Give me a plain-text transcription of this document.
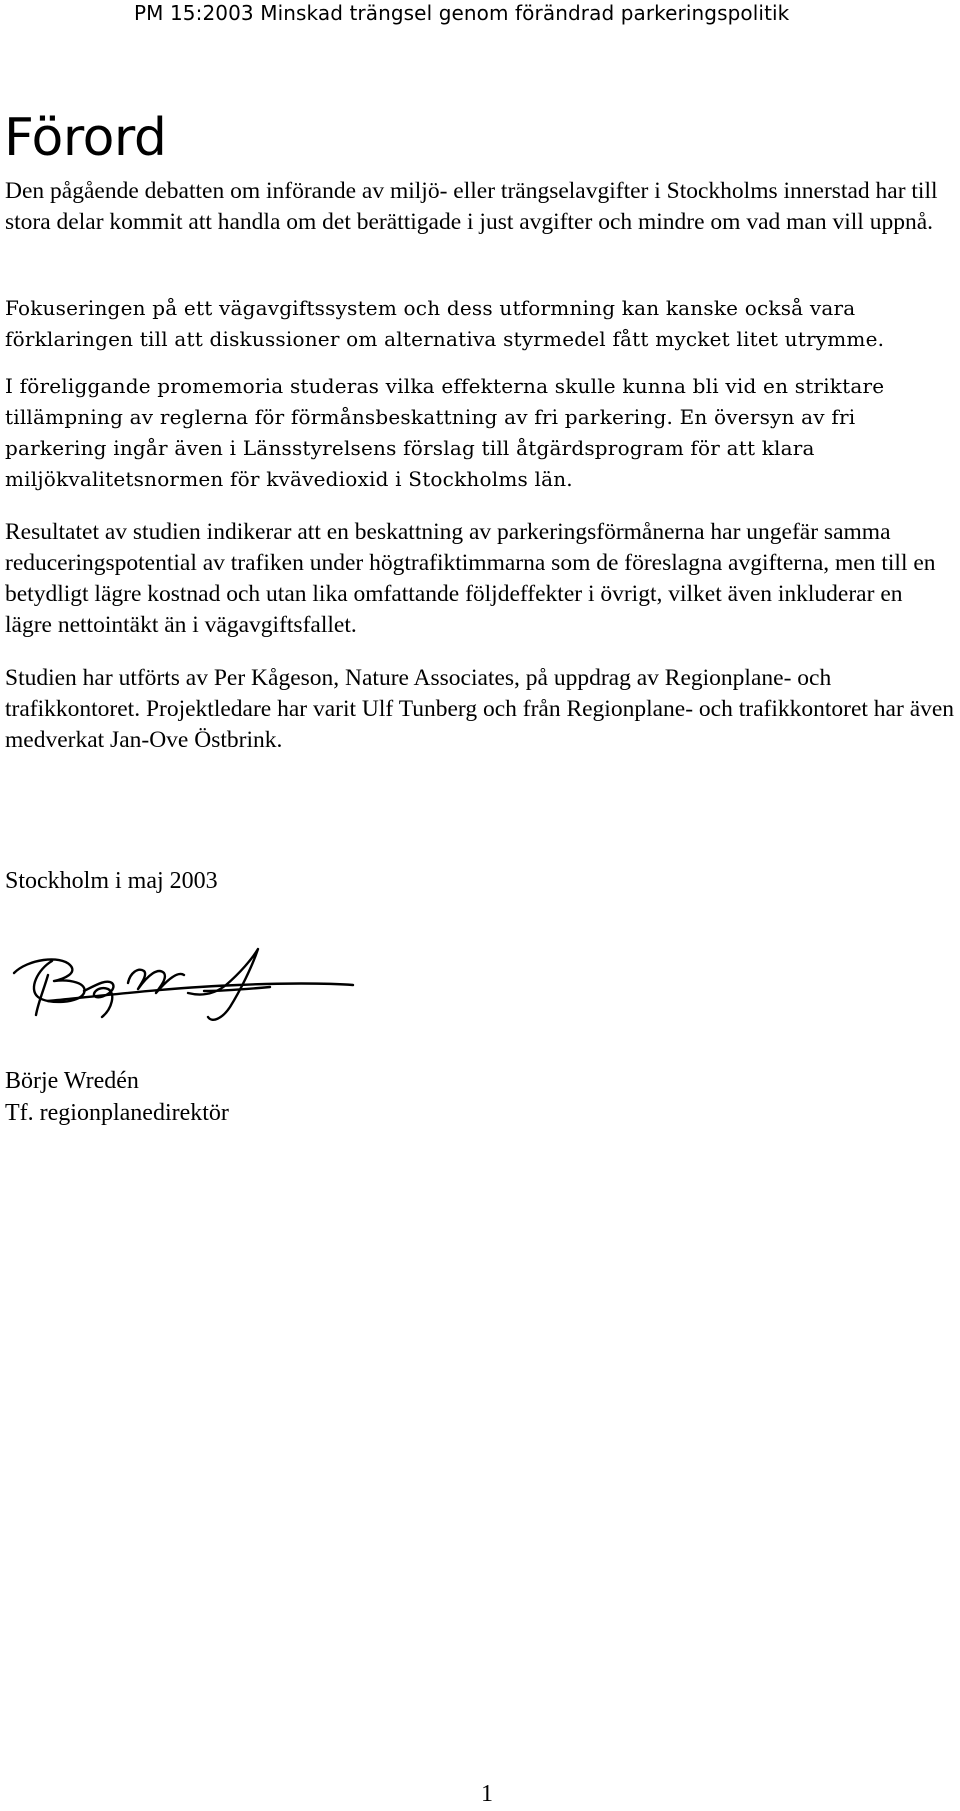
PM 15:2003 Minskad trängsel genom förändrad parkeringspolitik
Förord

Den pågående debatten om införande av miljö- eller trängselavgifter i Stockholms innerstad har till stora delar kommit att handla om det berättigade i just avgifter och mindre om vad man vill uppnå.

Fokuseringen på ett vägavgiftssystem och dess utformning kan kanske också vara förklaringen till att diskussioner om alternativa styrmedel fått mycket litet utrymme.

I föreliggande promemoria studeras vilka effekterna skulle kunna bli vid en striktare tillämpning av reglerna för förmånsbeskattning av fri parkering. En översyn av fri parkering ingår även i Länsstyrelsens förslag till åtgärdsprogram för att klara miljökvalitetsnormen för kvävedioxid i Stockholms län.

Resultatet av studien indikerar att en beskattning av parkeringsförmånerna har ungefär samma reduceringspotential av trafiken under högtrafiktimmarna som de föreslagna avgifterna, men till en betydligt lägre kostnad och utan lika omfattande följdeffekter i övrigt, vilket även inkluderar en lägre nettointäkt än i vägavgiftsfallet.

Studien har utförts av Per Kågeson, Nature Associates, på uppdrag av Regionplane- och trafikkontoret. Projektledare har varit Ulf Tunberg och från Regionplane- och trafikkontoret har även medverkat Jan-Ove Östbrink.

Stockholm i maj 2003

Börje Wredén

Tf. regionplanedirektör

1
